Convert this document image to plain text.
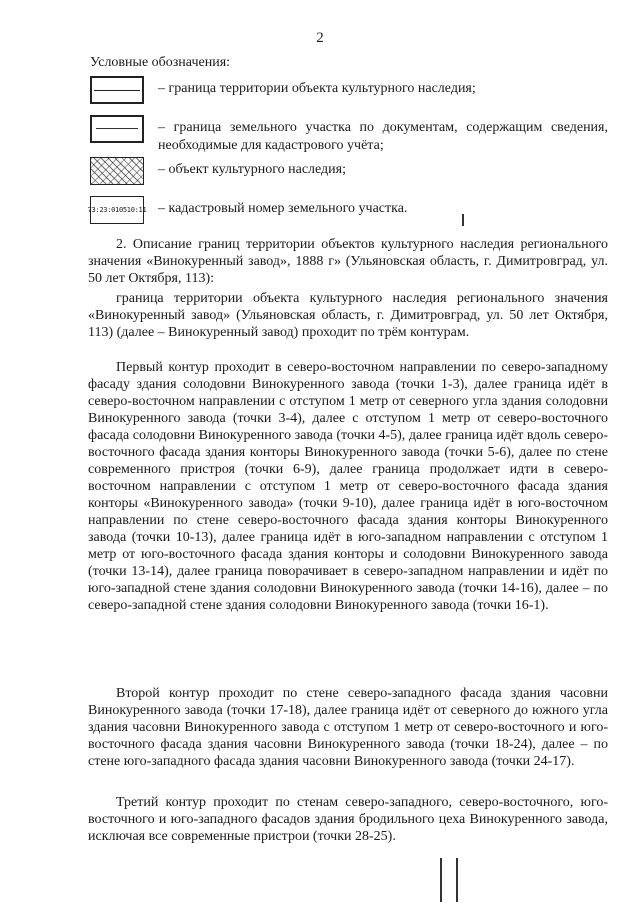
2
Условные обозначения:
– граница территории объекта культурного наследия;
– граница земельного участка по документам, содержащим сведения, необходимые для кадастрового учёта;
– объект культурного наследия;
73:23:010510:11 – кадастровый номер земельного участка.
2. Описание границ территории объектов культурного наследия регионального значения «Винокуренный завод», 1888 г» (Ульяновская область, г. Димитровград, ул. 50 лет Октября, 113):
граница территории объекта культурного наследия регионального значения «Винокуренный завод» (Ульяновская область, г. Димитровград, ул. 50 лет Октября, 113) (далее – Винокуренный завод) проходит по трём контурам.
Первый контур проходит в северо-восточном направлении по северо-западному фасаду здания солодовни Винокуренного завода (точки 1-3), далее граница идёт в северо-восточном направлении с отступом 1 метр от северного угла здания солодовни Винокуренного завода (точки 3-4), далее с отступом 1 метр от северо-восточного фасада солодовни Винокуренного завода (точки 4-5), далее граница идёт вдоль северо-восточного фасада здания конторы Винокуренного завода (точки 5-6), далее по стене современного пристроя (точки 6-9), далее граница продолжает идти в северо-восточном направлении с отступом 1 метр от северо-восточного фасада здания конторы «Винокуренного завода» (точки 9-10), далее граница идёт в юго-восточном направлении по стене северо-восточного фасада здания конторы Винокуренного завода (точки 10-13), далее граница идёт в юго-западном направлении с отступом 1 метр от юго-восточного фасада здания конторы и солодовни Винокуренного завода (точки 13-14), далее граница поворачивает в северо-западном направлении и идёт по юго-западной стене здания солодовни Винокуренного завода (точки 14-16), далее – по северо-западной стене здания солодовни Винокуренного завода (точки 16-1).
Второй контур проходит по стене северо-западного фасада здания часовни Винокуренного завода (точки 17-18), далее граница идёт от северного до южного угла здания часовни Винокуренного завода с отступом 1 метр от северо-восточного и юго-восточного фасада здания часовни Винокуренного завода (точки 18-24), далее – по стене юго-западного фасада здания часовни Винокуренного завода (точки 24-17).
Третий контур проходит по стенам северо-западного, северо-восточного, юго-восточного и юго-западного фасадов здания бродильного цеха Винокуренного завода, исключая все современные пристрои (точки 28-25).
